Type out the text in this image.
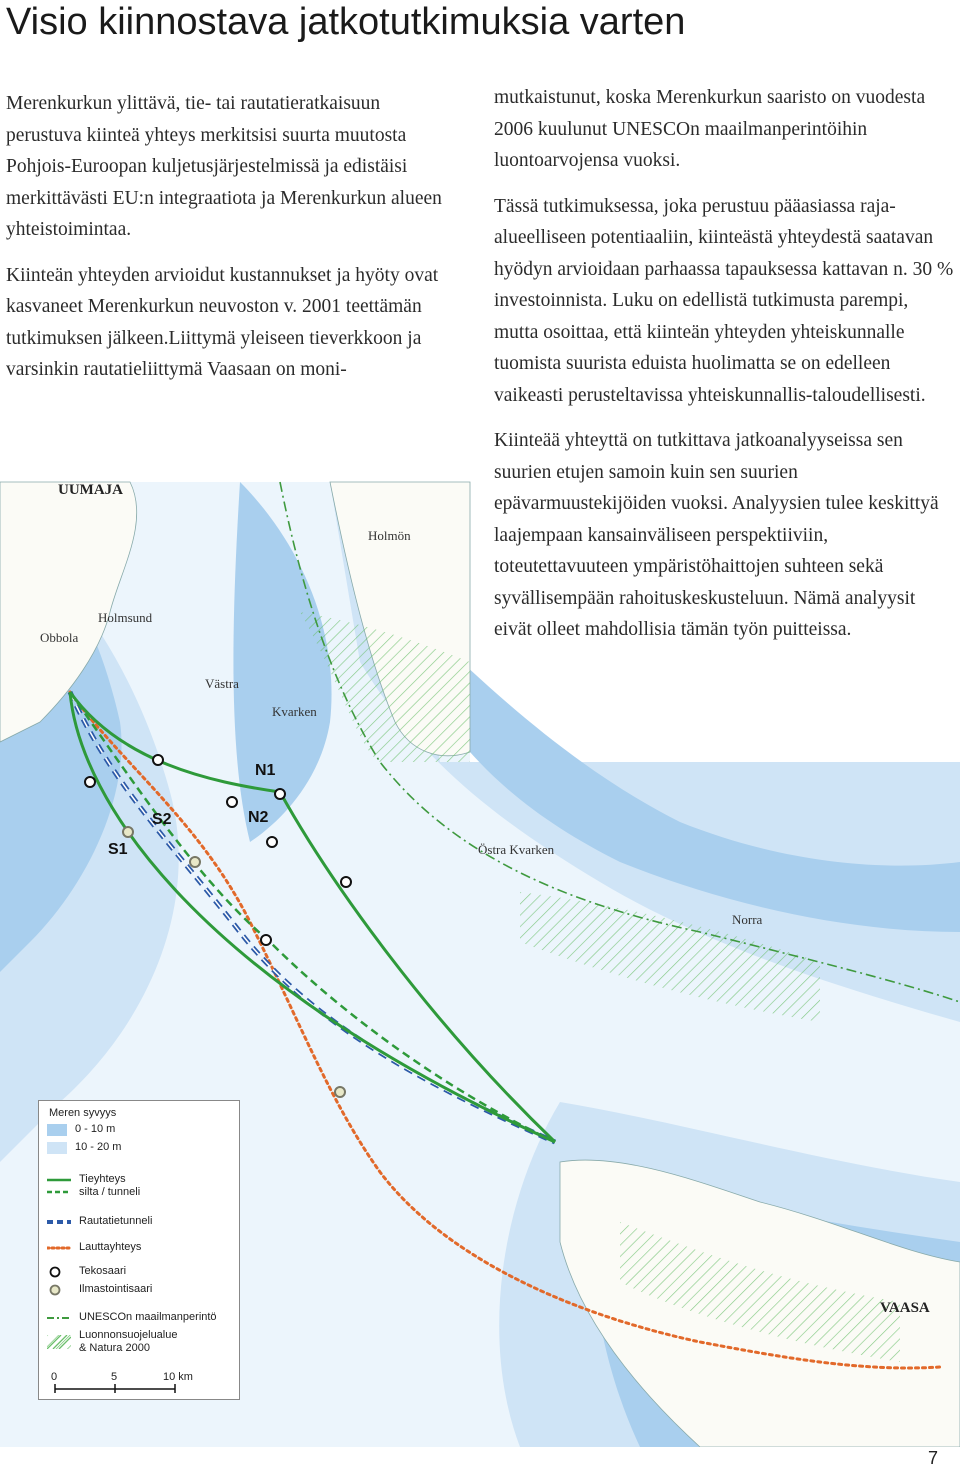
Visio kiinnostava jatkotutkimuksia varten

Merenkurkun ylittävä, tie- tai rautatieratkaisuun perustuva kiinteä yhteys merkitsisi suurta muutosta Pohjois-Euroopan kuljetusjärjestelmissä ja edistäisi merkittävästi EU:n integraatiota ja Merenkurkun alueen yhteistoimintaa.

Kiinteän yhteyden arvioidut kustannukset ja hyöty ovat kasvaneet Merenkurkun neuvoston v. 2001 teettämän tutkimuksen jälkeen.Liittymä yleiseen tieverkkoon ja varsinkin rautatieliittymä Vaasaan on moni-

mutkaistunut, koska Merenkurkun saaristo on vuodesta 2006 kuulunut UNESCOn maailmanperintöihin luontoarvojensa vuoksi.

Tässä tutkimuksessa, joka perustuu pääasiassa raja-alueelliseen potentiaaliin, kiinteästä yhteydestä saatavan hyödyn arvioidaan parhaassa tapauksessa kattavan n. 30 % investoinnista. Luku on edellistä tutkimusta parempi, mutta osoittaa, että kiinteän yhteyden yhteiskunnalle tuomista suurista eduista huolimatta se on edelleen vaikeasti perusteltavissa yhteiskunnallis-taloudellisesti.

Kiinteää yhteyttä on tutkittava jatkoanalyyseissa sen suurien etujen samoin kuin sen suurien epävarmuustekijöiden vuoksi. Analyysien tulee keskittyä laajempaan kansainväliseen perspektiiviin, toteutettavuuteen ympäristöhaittojen suhteen sekä syvällisempään rahoituskeskusteluun. Nämä analyysit eivät olleet mahdollisia tämän työn puitteissa.

N1
N2
S1
S2
UUMAJA
VAASA
Holmsund
Obbola
Västra
Kvarken
Östra Kvarken
Holmön
Norra
Meren syvyys
0 - 10 m
10 - 20 m
Tieyhteys
silta / tunneli
Rautatietunneli
Lauttayhteys
Tekosaari
Ilmastointisaari
UNESCOn maailmanperintö
Luonnonsuojelualue
& Natura 2000
0	5	10 km
7
